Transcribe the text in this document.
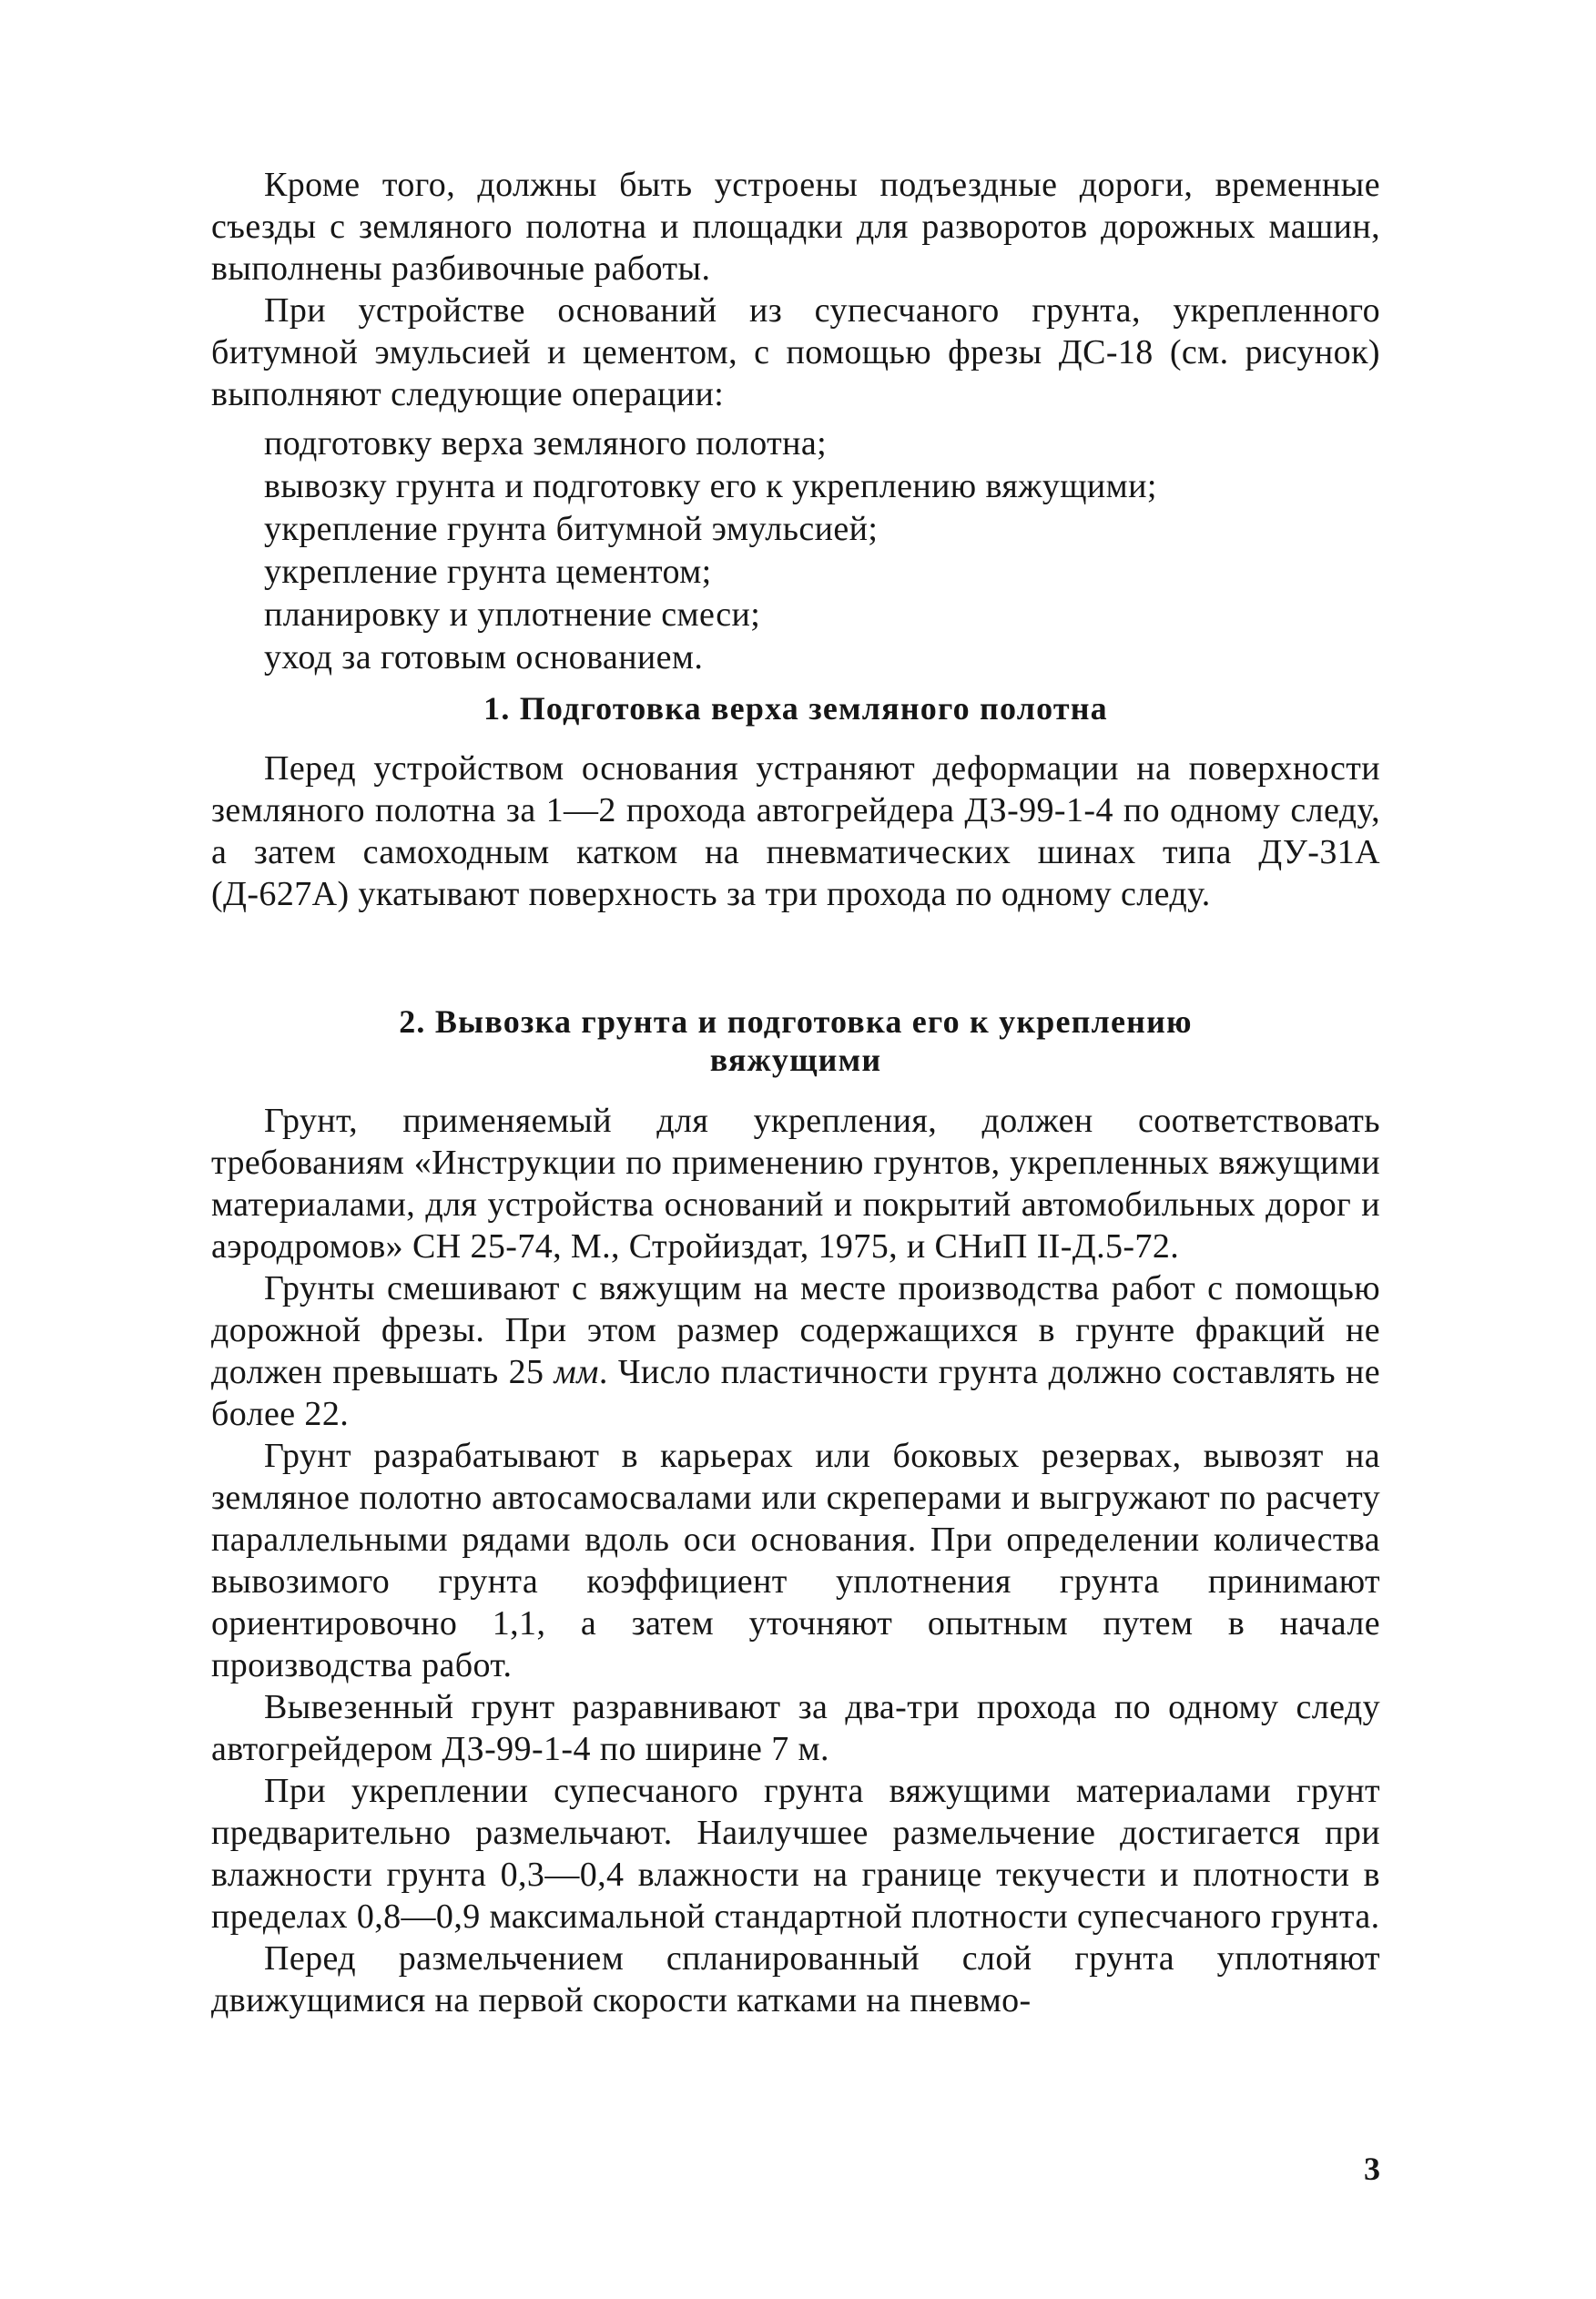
Кроме того, должны быть устроены подъездные дороги, временные съезды с земляного полотна и площадки для разворотов дорожных машин, выполнены разбивочные работы.

При устройстве оснований из супесчаного грунта, укрепленного битумной эмульсией и цементом, с помощью фрезы ДС-18 (см. рисунок) выполняют следующие операции:

подготовку верха земляного полотна;
вывозку грунта и подготовку его к укреплению вяжущими;
укрепление грунта битумной эмульсией;
укрепление грунта цементом;
планировку и уплотнение смеси;
уход за готовым основанием.
1. Подготовка верха земляного полотна

Перед устройством основания устраняют деформации на поверхности земляного полотна за 1—2 прохода автогрейдера ДЗ-99-1-4 по одному следу, а затем самоходным катком на пневматических шинах типа ДУ-31А (Д-627А) укатывают поверхность за три прохода по одному следу.

2. Вывозка грунта и подготовка его к укреплению
вяжущими

Грунт, применяемый для укрепления, должен соответствовать требованиям «Инструкции по применению грунтов, укрепленных вяжущими материалами, для устройства оснований и покрытий автомобильных дорог и аэродромов» СН 25-74, М., Стройиздат, 1975, и СНиП II-Д.5-72.

Грунты смешивают с вяжущим на месте производства работ с помощью дорожной фрезы. При этом размер содержащихся в грунте фракций не должен превышать 25 мм. Число пластичности грунта должно составлять не более 22.

Грунт разрабатывают в карьерах или боковых резервах, вывозят на земляное полотно автосамосвалами или скреперами и выгружают по расчету параллельными рядами вдоль оси основания. При определении количества вывозимого грунта коэффициент уплотнения грунта принимают ориентировочно 1,1, а затем уточняют опытным путем в начале производства работ.

Вывезенный грунт разравнивают за два-три прохода по одному следу автогрейдером ДЗ-99-1-4 по ширине 7 м.

При укреплении супесчаного грунта вяжущими материалами грунт предварительно размельчают. Наилучшее размельчение достигается при влажности грунта 0,3—0,4 влажности на границе текучести и плотности в пределах 0,8—0,9 максимальной стандартной плотности супесчаного грунта.

Перед размельчением спланированный слой грунта уплотняют движущимися на первой скорости катками на пневмо-

3
